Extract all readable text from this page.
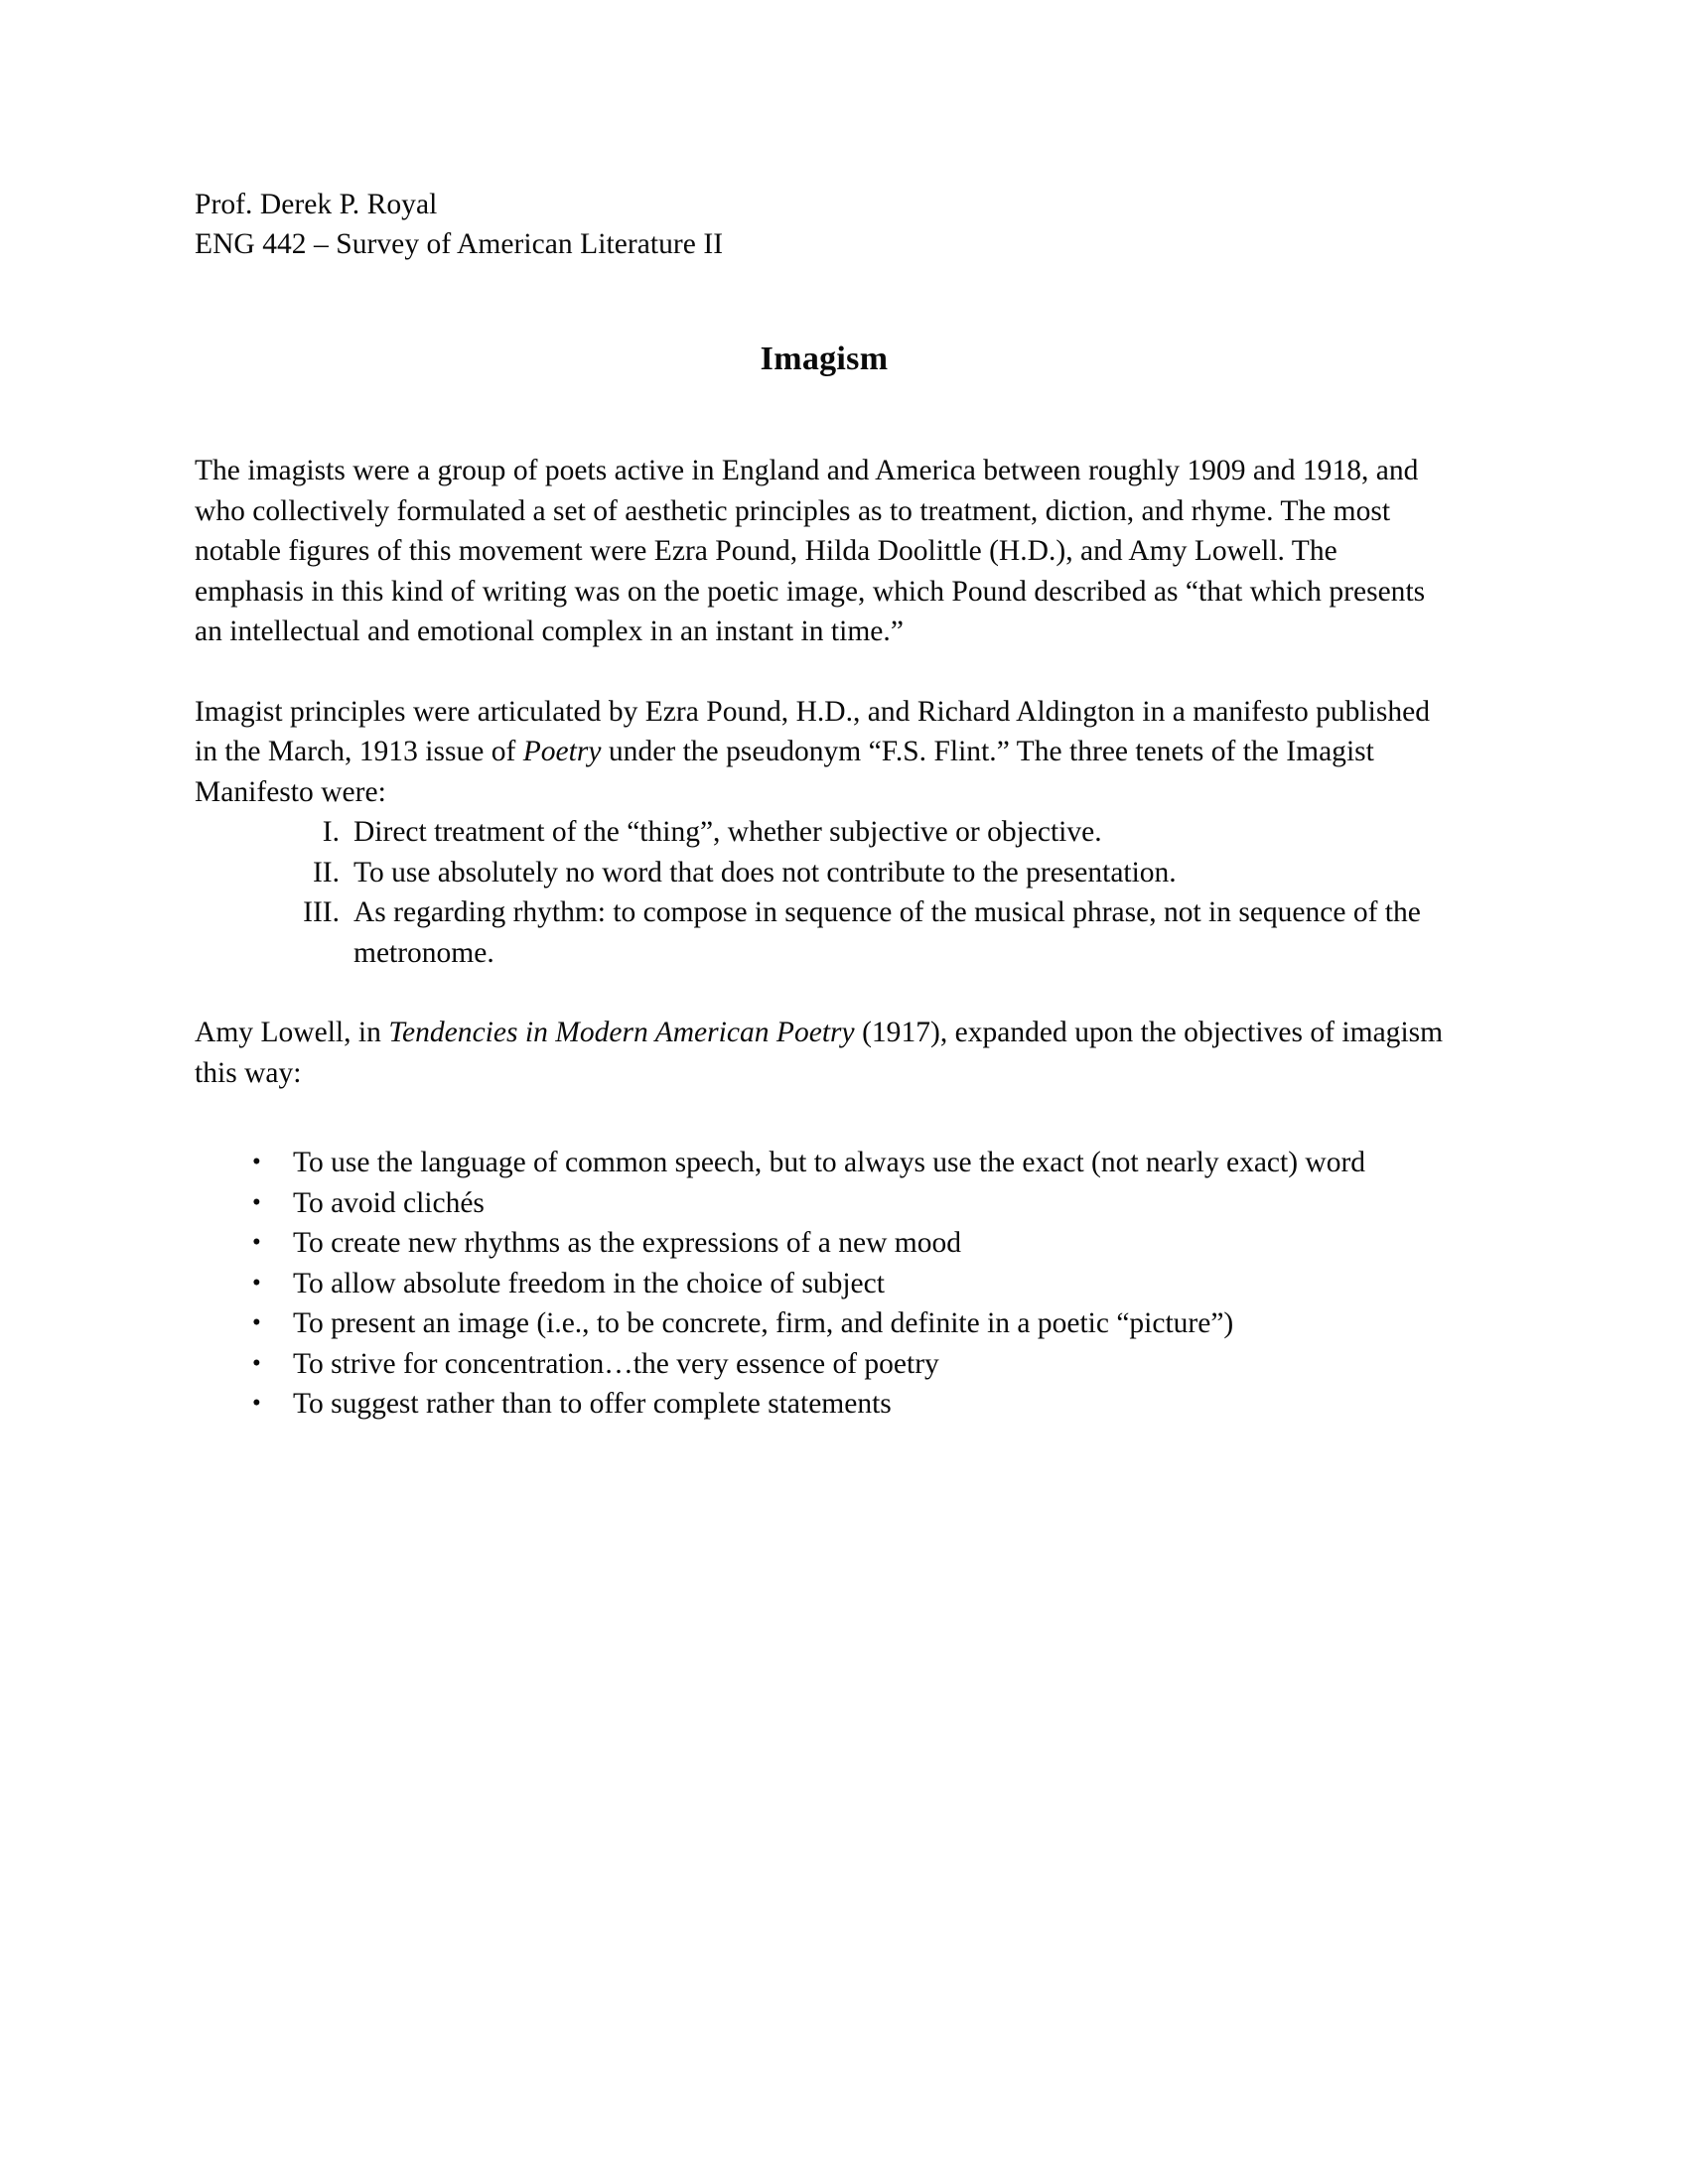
Prof. Derek P. Royal
ENG 442 – Survey of American Literature II
Imagism

The imagists were a group of poets active in England and America between roughly 1909 and 1918, and who collectively formulated a set of aesthetic principles as to treatment, diction, and rhyme. The most notable figures of this movement were Ezra Pound, Hilda Doolittle (H.D.), and Amy Lowell. The emphasis in this kind of writing was on the poetic image, which Pound described as “that which presents an intellectual and emotional complex in an instant in time.”

Imagist principles were articulated by Ezra Pound, H.D., and Richard Aldington in a manifesto published in the March, 1913 issue of Poetry under the pseudonym “F.S. Flint.” The three tenets of the Imagist Manifesto were:

I. Direct treatment of the “thing”, whether subjective or objective.
II. To use absolutely no word that does not contribute to the presentation.
III. As regarding rhythm: to compose in sequence of the musical phrase, not in sequence of the metronome.

Amy Lowell, in Tendencies in Modern American Poetry (1917), expanded upon the objectives of imagism this way:

• To use the language of common speech, but to always use the exact (not nearly exact) word
• To avoid clichés
• To create new rhythms as the expressions of a new mood
• To allow absolute freedom in the choice of subject
• To present an image (i.e., to be concrete, firm, and definite in a poetic “picture”)
• To strive for concentration…the very essence of poetry
• To suggest rather than to offer complete statements
